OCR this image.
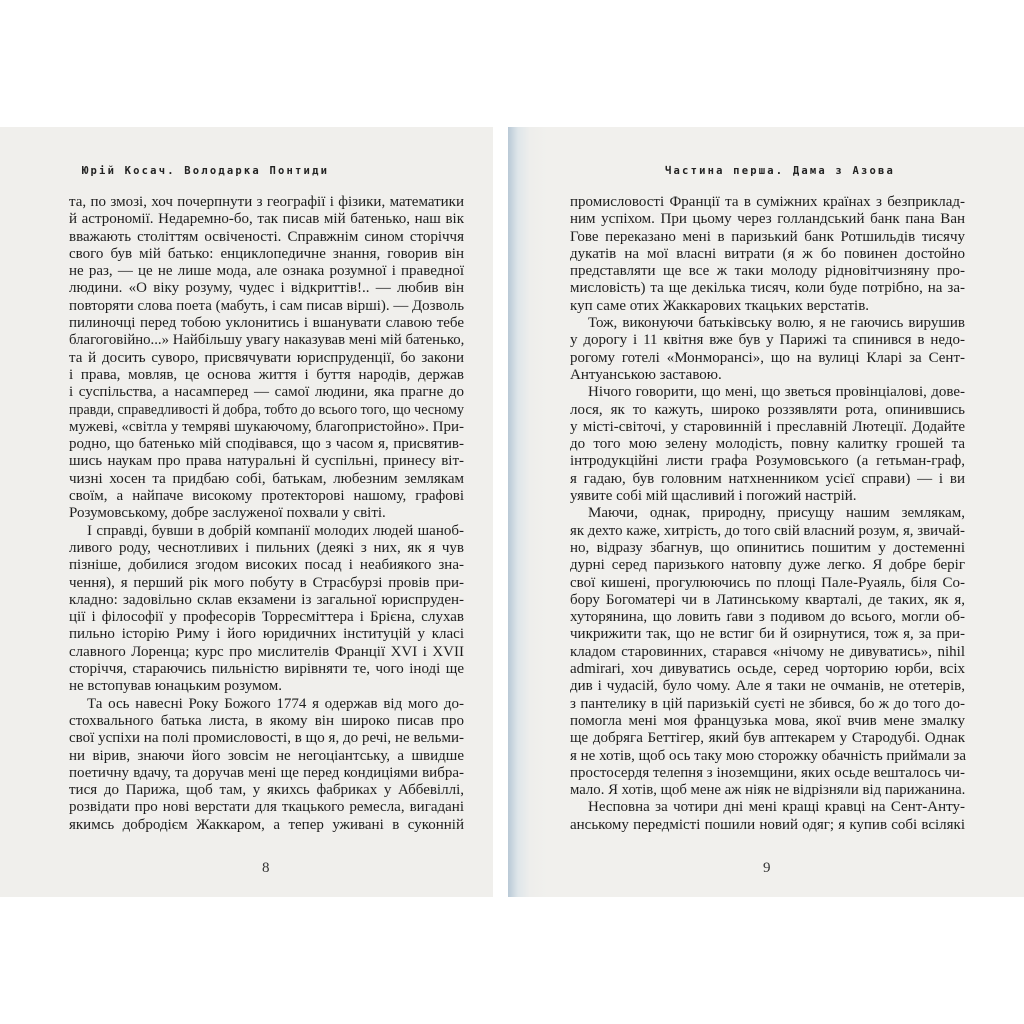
Юрій Косач. Володарка Понтиди
та, по змозі, хоч почерпнути з географії і фізики, математики
й астрономії. Недаремно-бо, так писав мій батенько, наш вік
вважають століттям освіченості. Справжнім сином сторіччя
свого був мій батько: енциклопедичне знання, говорив він
не раз, — це не лише мода, але ознака розумної і праведної
людини. «О віку розуму, чудес і відкриттів!.. — любив він
повторяти слова поета (мабуть, і сам писав вірші). — Дозволь
пилиночці перед тобою уклонитись і вшанувати славою тебе
благоговійно...» Найбільшу увагу наказував мені мій батенько,
та й досить суворо, присвячувати юриспруденції, бо закони
і права, мовляв, це основа життя і буття народів, держав
і суспільства, а насамперед — самої людини, яка прагне до
правди, справедливості й добра, тобто до всього того, що чесному
мужеві, «світла у темряві шукаючому, благопристойно». При-
родно, що батенько мій сподівався, що з часом я, присвятив-
шись наукам про права натуральні й суспільні, принесу віт-
чизні хосен та придбаю собі, батькам, любезним землякам
своїм, а найпаче високому протекторові нашому, графові
Розумовському, добре заслуженої похвали у світі.
І справді, бувши в добрій компанії молодих людей шаноб-
ливого роду, чеснотливих і пильних (деякі з них, як я чув
пізніше, добилися згодом високих посад і неабиякого зна-
чення), я перший рік мого побуту в Страсбурзі провів при-
кладно: задовільно склав екзамени із загальної юриспруден-
ції і філософії у професорів Торресміттера і Брієна, слухав
пильно історію Риму і його юридичних інституцій у класі
славного Лоренца; курс про мислителів Франції XVI і XVII
сторіччя, стараючись пильністю вирівняти те, чого іноді ще
не встопував юнацьким розумом.
Та ось навесні Року Божого 1774 я одержав від мого до-
стохвального батька листа, в якому він широко писав про
свої успіхи на полі промисловості, в що я, до речі, не вельми-
ни вірив, знаючи його зовсім не негоціантську, а швидше
поетичну вдачу, та доручав мені ще перед кондиціями вибра-
тися до Парижа, щоб там, у якихсь фабриках у Аббевіллі,
розвідати про нові верстати для ткацького ремесла, вигадані
якимсь добродієм Жаккаром, а тепер уживані в суконній
8
Частина перша. Дама з Азова
промисловості Франції та в суміжних країнах з безприклад-
ним успіхом. При цьому через голландський банк пана Ван
Гове переказано мені в паризький банк Ротшильдів тисячу
дукатів на мої власні витрати (я ж бо повинен достойно
представляти ще все ж таки молоду рідновітчизняну про-
мисловість) та ще декілька тисяч, коли буде потрібно, на за-
куп саме отих Жаккарових ткацьких верстатів.
Тож, виконуючи батьківську волю, я не гаючись вирушив
у дорогу і 11 квітня вже був у Парижі та спинився в недо-
рогому готелі «Монморансі», що на вулиці Кларі за Сент-
Антуанською заставою.
Нічого говорити, що мені, що зветься провінціалові, дове-
лося, як то кажуть, широко роззявляти рота, опинившись
у місті-світочі, у старовинній і преславній Лютеції. Додайте
до того мою зелену молодість, повну калитку грошей та
інтродукційні листи графа Розумовського (а гетьман-граф,
я гадаю, був головним натхненником усієї справи) — і ви
уявите собі мій щасливий і погожий настрій.
Маючи, однак, природну, присущу нашим землякам,
як дехто каже, хитрість, до того свій власний розум, я, звичай-
но, відразу збагнув, що опинитись пошитим у достеменні
дурні серед паризького натовпу дуже легко. Я добре беріг
свої кишені, прогулюючись по площі Пале-Руаяль, біля Со-
бору Богоматері чи в Латинському кварталі, де таких, як я,
хуторянина, що ловить ґави з подивом до всього, могли об-
чикрижити так, що не встиг би й озирнутися, тож я, за при-
кладом старовинних, старався «нічому не дивуватись», nihil
admirari, хоч дивуватись осьде, серед чорторию юрби, всіх
див і чудасій, було чому. Але я таки не очманів, не отетерів,
з пантелику в цій паризькій суєті не збився, бо ж до того до-
помогла мені моя французька мова, якої вчив мене змалку
ще добряга Беттігер, який був аптекарем у Стародубі. Однак
я не хотів, щоб ось таку мою сторожку обачність приймали за
простосердя телепня з іноземщини, яких осьде вешталось чи-
мало. Я хотів, щоб мене аж ніяк не відрізняли від парижанина.
Несповна за чотири дні мені кращі кравці на Сент-Анту-
анському передмісті пошили новий одяг; я купив собі всілякі
9
